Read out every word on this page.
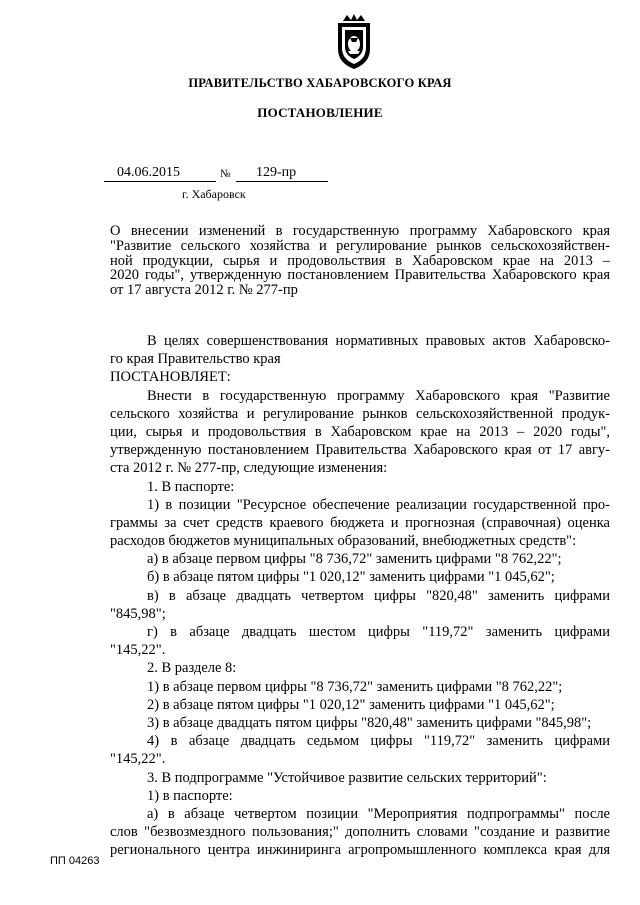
ПРАВИТЕЛЬСТВО ХАБАРОВСКОГО КРАЯ
ПОСТАНОВЛЕНИЕ
04.06.2015	№ 129-пр
г. Хабаровск
О внесении изменений в государственную программу Хабаровского края
"Развитие сельского хозяйства и регулирование рынков сельскохозяйствен-
ной продукции, сырья и продовольствия в Хабаровском крае на 2013 –
2020 годы", утвержденную постановлением Правительства Хабаровского края
от 17 августа 2012 г. № 277-пр
В целях совершенствования нормативных правовых актов Хабаровско-
го края Правительство края
ПОСТАНОВЛЯЕТ:
Внести в государственную программу Хабаровского края "Развитие
сельского хозяйства и регулирование рынков сельскохозяйственной продук-
ции, сырья и продовольствия в Хабаровском крае на 2013 – 2020 годы",
утвержденную постановлением Правительства Хабаровского края от 17 авгу-
ста 2012 г. № 277-пр, следующие изменения:
1. В паспорте:
1) в позиции "Ресурсное обеспечение реализации государственной про-
граммы за счет средств краевого бюджета и прогнозная (справочная) оценка
расходов бюджетов муниципальных образований, внебюджетных средств":
а) в абзаце первом цифры "8 736,72" заменить цифрами "8 762,22";
б) в абзаце пятом цифры "1 020,12" заменить цифрами "1 045,62";
в) в абзаце двадцать четвертом цифры "820,48" заменить цифрами
"845,98";
г) в абзаце двадцать шестом цифры "119,72" заменить цифрами
"145,22".
2. В разделе 8:
1) в абзаце первом цифры "8 736,72" заменить цифрами "8 762,22";
2) в абзаце пятом цифры "1 020,12" заменить цифрами "1 045,62";
3) в абзаце двадцать пятом цифры "820,48" заменить цифрами "845,98";
4) в абзаце двадцать седьмом цифры "119,72" заменить цифрами
"145,22".
3. В подпрограмме "Устойчивое развитие сельских территорий":
1) в паспорте:
а) в абзаце четвертом позиции "Мероприятия подпрограммы" после
слов "безвозмездного пользования;" дополнить словами "создание и развитие
регионального центра инжиниринга агропромышленного комплекса края для
ПП 04263
